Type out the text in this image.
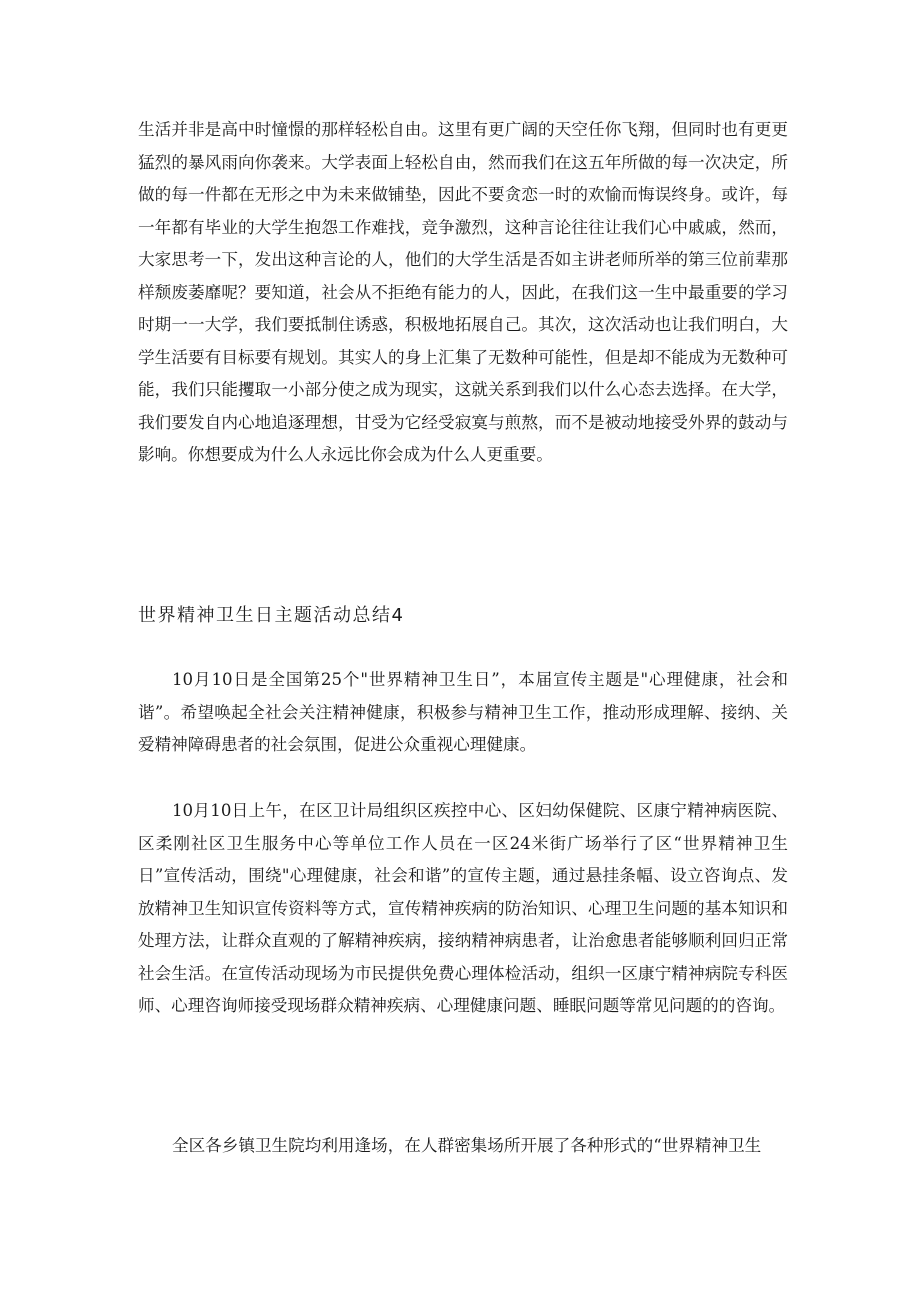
生活并非是高中时憧憬的那样轻松自由。这里有更广阔的天空任你飞翔，但同时也有更更猛烈的暴风雨向你袭来。大学表面上轻松自由，然而我们在这五年所做的每一次决定，所做的每一件都在无形之中为未来做铺垫，因此不要贪恋一时的欢愉而悔误终身。或许，每一年都有毕业的大学生抱怨工作难找，竞争激烈，这种言论往往让我们心中戚戚，然而，大家思考一下，发出这种言论的人，他们的大学生活是否如主讲老师所举的第三位前辈那样颓废萎靡呢？要知道，社会从不拒绝有能力的人，因此，在我们这一生中最重要的学习时期一一大学，我们要抵制住诱惑，积极地拓展自己。其次，这次活动也让我们明白，大学生活要有目标要有规划。其实人的身上汇集了无数种可能性，但是却不能成为无数种可能，我们只能攫取一小部分使之成为现实，这就关系到我们以什么心态去选择。在大学，我们要发自内心地追逐理想，甘受为它经受寂寞与煎熬，而不是被动地接受外界的鼓动与影响。你想要成为什么人永远比你会成为什么人更重要。

世界精神卫生日主题活动总结4

10月10日是全国第25个"世界精神卫生日”，本届宣传主题是"心理健康，社会和谐”。希望唤起全社会关注精神健康，积极参与精神卫生工作，推动形成理解、接纳、关爱精神障碍患者的社会氛围，促进公众重视心理健康。

10月10日上午，在区卫计局组织区疾控中心、区妇幼保健院、区康宁精神病医院、区柔刚社区卫生服务中心等单位工作人员在一区24米街广场举行了区“世界精神卫生日”宣传活动，围绕"心理健康，社会和谐”的宣传主题，通过悬挂条幅、设立咨询点、发放精神卫生知识宣传资料等方式，宣传精神疾病的防治知识、心理卫生问题的基本知识和处理方法，让群众直观的了解精神疾病，接纳精神病患者，让治愈患者能够顺利回归正常社会生活。在宣传活动现场为市民提供免费心理体检活动，组织一区康宁精神病院专科医师、心理咨询师接受现场群众精神疾病、心理健康问题、睡眠问题等常见问题的的咨询。

全区各乡镇卫生院均利用逢场，在人群密集场所开展了各种形式的“世界精神卫生
